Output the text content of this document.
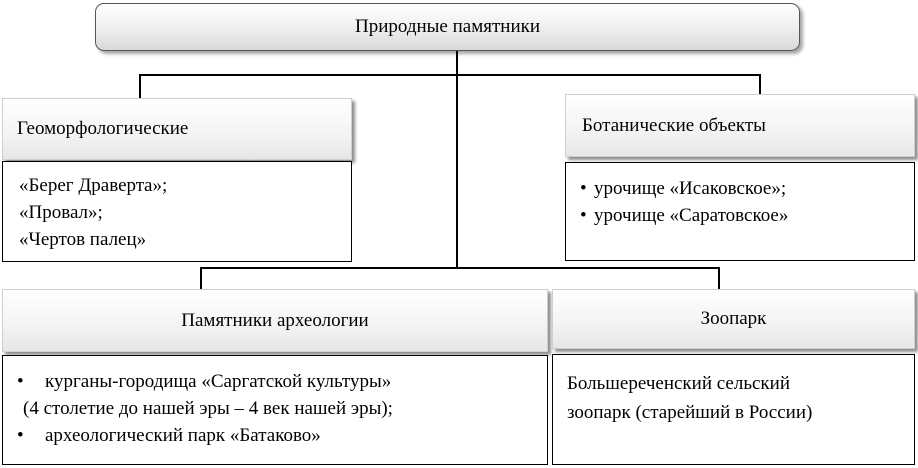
Природные памятники
Геоморфологические
«Берег Дравертa»;
«Провал»;
«Чертов палец»
Ботанические объекты
• урочище «Исаковское»;
• урочище «Саратовское»
Памятники археологии
•	курганы-городища «Саргатской культуры»
(4 столетие до нашей эры – 4 век нашей эры);
•	археологический парк «Батаково»
Зоопарк
Большереченский сельский
зоопарк (старейший в России)
